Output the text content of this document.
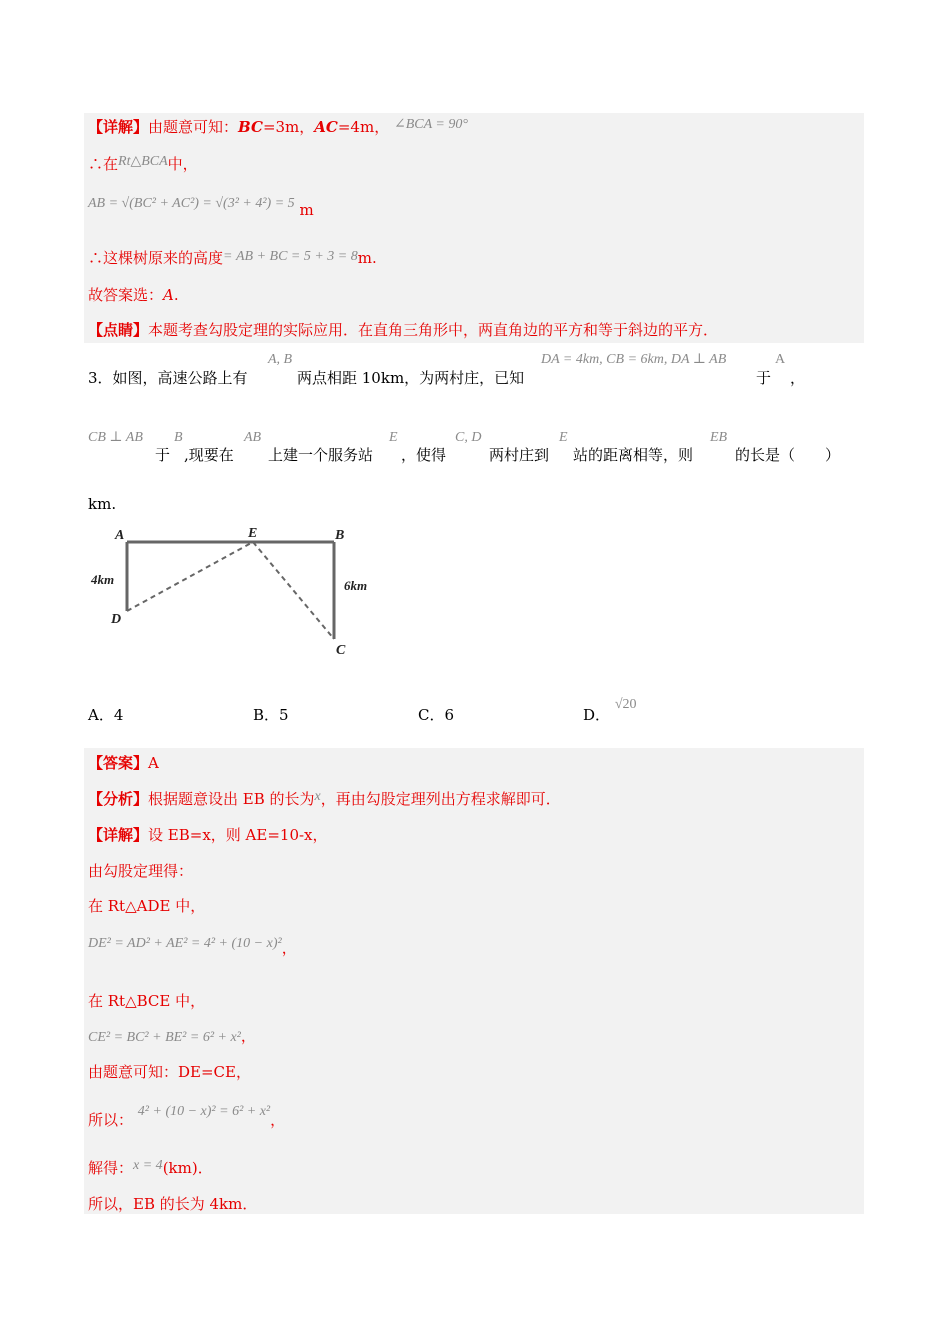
【详解】由题意可知：BC=3m，AC=4m， ∠BCA = 90°
∴在Rt△BCA中，
AB = √(BC² + AC²) = √(3² + 4²) = 5 m
∴这棵树原来的高度= AB + BC = 5 + 3 = 8m.
故答案选：A.
【点睛】本题考查勾股定理的实际应用．在直角三角形中，两直角边的平方和等于斜边的平方．
3．如图，高速公路上有
A, B
两点相距 10km，为两村庄，已知
DA = 4km, CB = 6km, DA ⊥ AB
于
A
，
CB ⊥ AB
于
B
,现要在
AB
上建一个服务站
E
，使得
C, D
两村庄到
E
站的距离相等，则
EB
的长是（　　）
km.
A	E	B
D
C
4km	6km
A．4	B．5	C．6	D． √20
【答案】A
【分析】根据题意设出 EB 的长为x，再由勾股定理列出方程求解即可．
【详解】设 EB=x，则 AE=10-x，
由勾股定理得：
在 Rt△ADE 中，
DE² = AD² + AE² = 4² + (10 − x)²，
在 Rt△BCE 中，
CE² = BC² + BE² = 6² + x²，
由题意可知：DE=CE，
所以： 4² + (10 − x)² = 6² + x²，
解得：x = 4(km)．
所以，EB 的长为 4km．
